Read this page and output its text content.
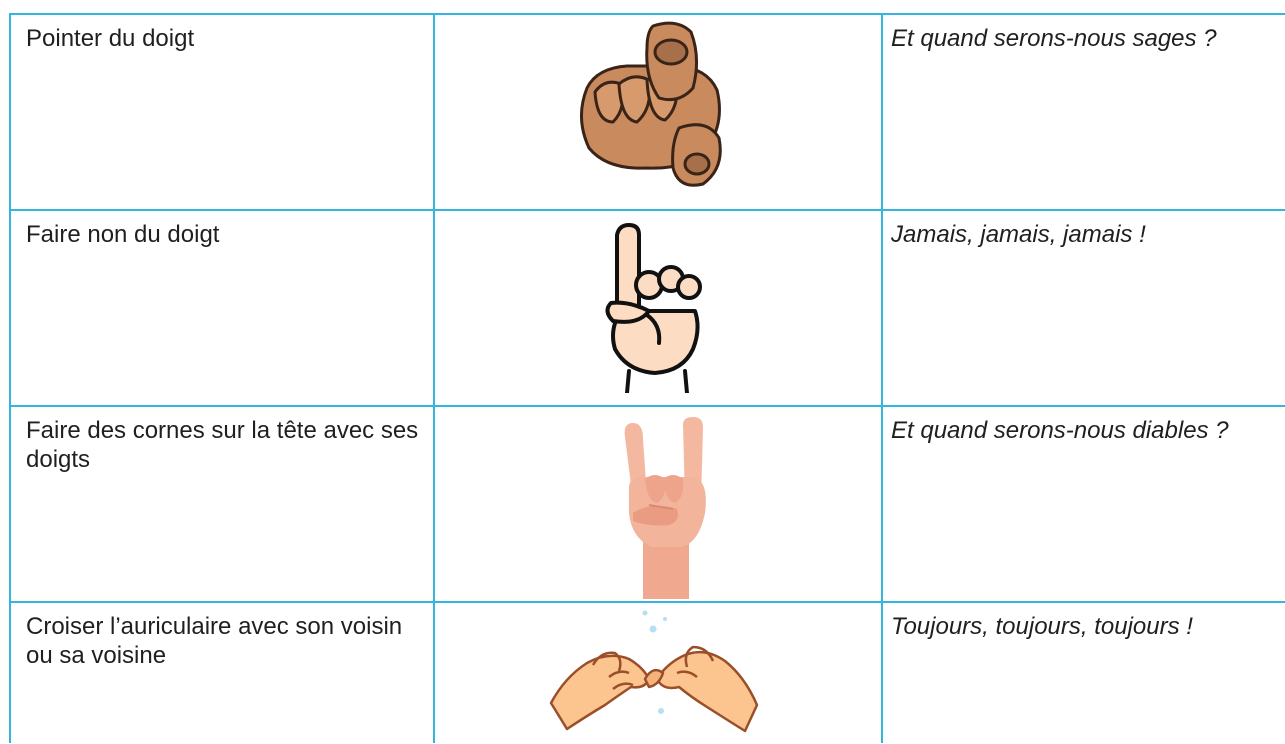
Pointer du doigt		Et quand serons-nous sages ?

Faire non du doigt		Jamais, jamais, jamais !

Faire des cornes sur la tête avec ses doigts		Et quand serons-nous diables ?

Croiser l’auriculaire avec son voisin ou sa voisine		Toujours, toujours, toujours !
